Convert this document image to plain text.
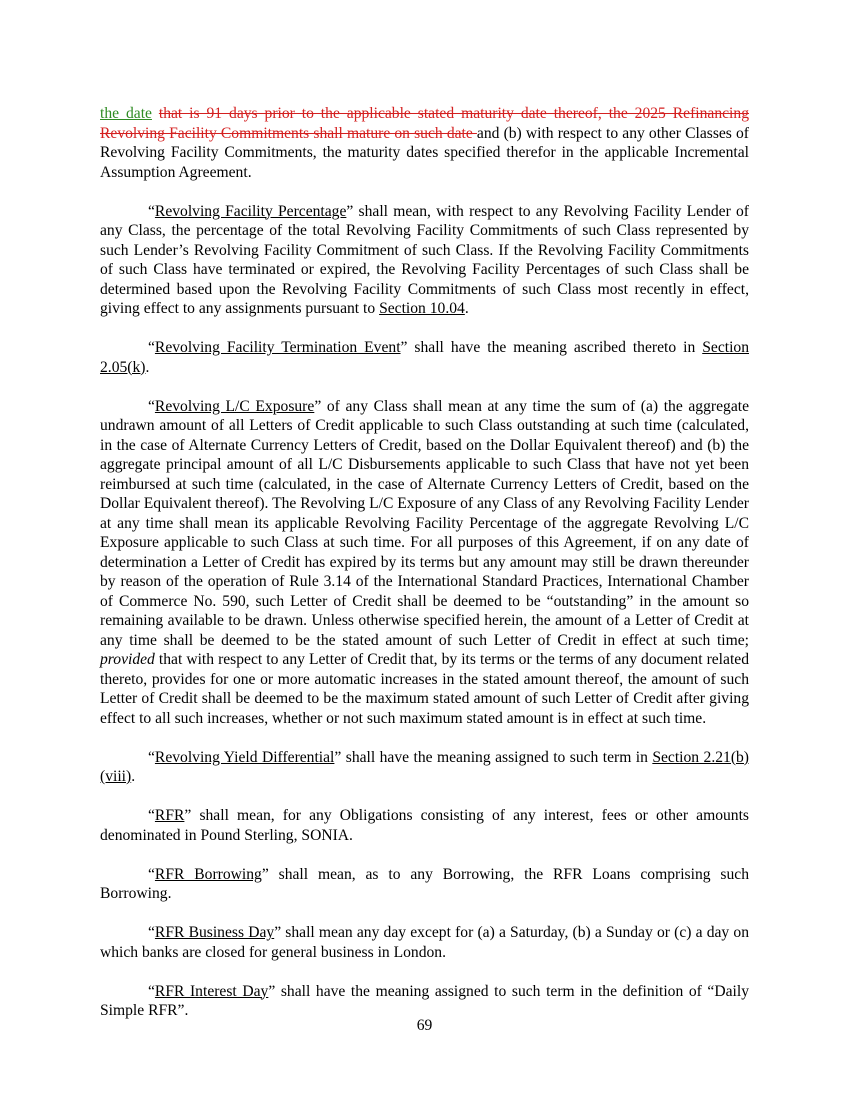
the date that is 91 days prior to the applicable stated maturity date thereof, the 2025 Refinancing Revolving Facility Commitments shall mature on such date and (b) with respect to any other Classes of Revolving Facility Commitments, the maturity dates specified therefor in the applicable Incremental Assumption Agreement.

“Revolving Facility Percentage” shall mean, with respect to any Revolving Facility Lender of any Class, the percentage of the total Revolving Facility Commitments of such Class represented by such Lender’s Revolving Facility Commitment of such Class. If the Revolving Facility Commitments of such Class have terminated or expired, the Revolving Facility Percentages of such Class shall be determined based upon the Revolving Facility Commitments of such Class most recently in effect, giving effect to any assignments pursuant to Section 10.04.

“Revolving Facility Termination Event” shall have the meaning ascribed thereto in Section 2.05(k).

“Revolving L/C Exposure” of any Class shall mean at any time the sum of (a) the aggregate undrawn amount of all Letters of Credit applicable to such Class outstanding at such time (calculated, in the case of Alternate Currency Letters of Credit, based on the Dollar Equivalent thereof) and (b) the aggregate principal amount of all L/C Disbursements applicable to such Class that have not yet been reimbursed at such time (calculated, in the case of Alternate Currency Letters of Credit, based on the Dollar Equivalent thereof). The Revolving L/C Exposure of any Class of any Revolving Facility Lender at any time shall mean its applicable Revolving Facility Percentage of the aggregate Revolving L/C Exposure applicable to such Class at such time. For all purposes of this Agreement, if on any date of determination a Letter of Credit has expired by its terms but any amount may still be drawn thereunder by reason of the operation of Rule 3.14 of the International Standard Practices, International Chamber of Commerce No. 590, such Letter of Credit shall be deemed to be “outstanding” in the amount so remaining available to be drawn. Unless otherwise specified herein, the amount of a Letter of Credit at any time shall be deemed to be the stated amount of such Letter of Credit in effect at such time; provided that with respect to any Letter of Credit that, by its terms or the terms of any document related thereto, provides for one or more automatic increases in the stated amount thereof, the amount of such Letter of Credit shall be deemed to be the maximum stated amount of such Letter of Credit after giving effect to all such increases, whether or not such maximum stated amount is in effect at such time.

“Revolving Yield Differential” shall have the meaning assigned to such term in Section 2.21(b)(viii).

“RFR” shall mean, for any Obligations consisting of any interest, fees or other amounts denominated in Pound Sterling, SONIA.

“RFR Borrowing” shall mean, as to any Borrowing, the RFR Loans comprising such Borrowing.

“RFR Business Day” shall mean any day except for (a) a Saturday, (b) a Sunday or (c) a day on which banks are closed for general business in London.

“RFR Interest Day” shall have the meaning assigned to such term in the definition of “Daily Simple RFR”.

69
